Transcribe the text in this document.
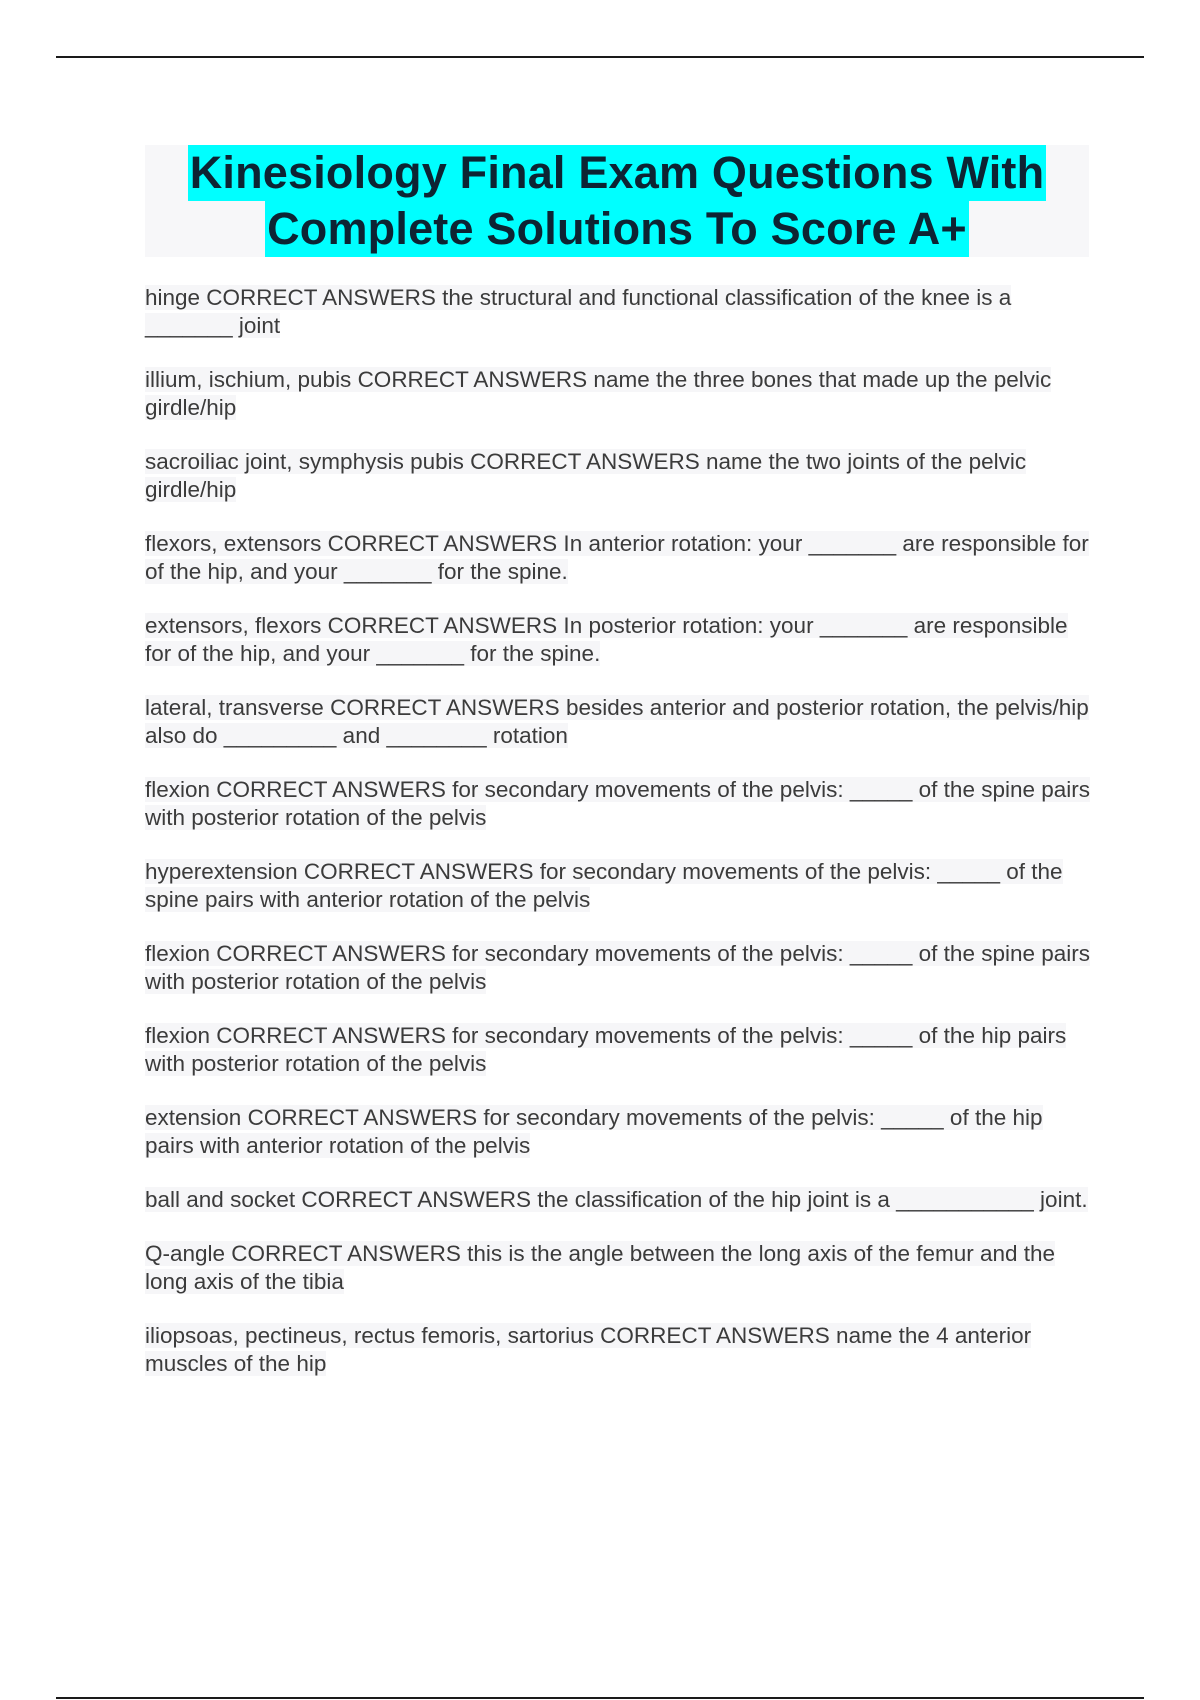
Kinesiology Final Exam Questions With
Complete Solutions To Score A+
hinge CORRECT ANSWERS the structural and functional classification of the knee is a _______ joint
illium, ischium, pubis CORRECT ANSWERS name the three bones that made up the pelvic girdle/hip
sacroiliac joint, symphysis pubis CORRECT ANSWERS name the two joints of the pelvic girdle/hip
flexors, extensors CORRECT ANSWERS In anterior rotation: your _______ are responsible for of the hip, and your _______ for the spine.
extensors, flexors CORRECT ANSWERS In posterior rotation: your _______ are responsible for of the hip, and your _______ for the spine.
lateral, transverse CORRECT ANSWERS besides anterior and posterior rotation, the pelvis/hip also do _________ and ________ rotation
flexion CORRECT ANSWERS for secondary movements of the pelvis: _____ of the spine pairs with posterior rotation of the pelvis
hyperextension CORRECT ANSWERS for secondary movements of the pelvis: _____ of the spine pairs with anterior rotation of the pelvis
flexion CORRECT ANSWERS for secondary movements of the pelvis: _____ of the spine pairs with posterior rotation of the pelvis
flexion CORRECT ANSWERS for secondary movements of the pelvis: _____ of the hip pairs with posterior rotation of the pelvis
extension CORRECT ANSWERS for secondary movements of the pelvis: _____ of the hip pairs with anterior rotation of the pelvis
ball and socket CORRECT ANSWERS the classification of the hip joint is a ___________ joint.
Q-angle CORRECT ANSWERS this is the angle between the long axis of the femur and the long axis of the tibia
iliopsoas, pectineus, rectus femoris, sartorius CORRECT ANSWERS name the 4 anterior muscles of the hip
